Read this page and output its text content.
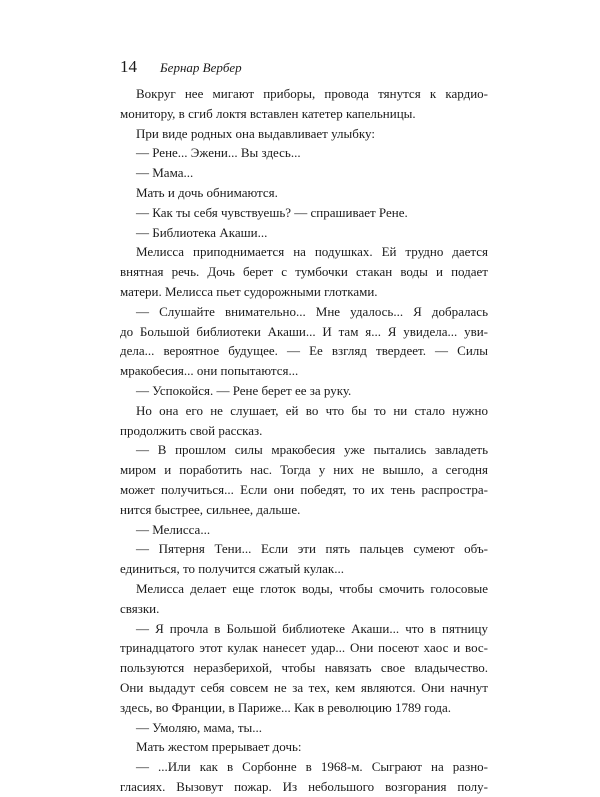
14 Бернар Вербер
Вокруг нее мигают приборы, провода тянутся к кардио-
монитору, в сгиб локтя вставлен катетер капельницы.
При виде родных она выдавливает улыбку:
— Рене... Эжени... Вы здесь...
— Мама...
Мать и дочь обнимаются.
— Как ты себя чувствуешь? — спрашивает Рене.
— Библиотека Акаши...
Мелисса приподнимается на подушках. Ей трудно дается
внятная речь. Дочь берет с тумбочки стакан воды и подает
матери. Мелисса пьет судорожными глотками.
— Слушайте внимательно... Мне удалось... Я добралась
до Большой библиотеки Акаши... И там я... Я увидела... уви-
дела... вероятное будущее. — Ее взгляд твердеет. — Силы
мракобесия... они попытаются...
— Успокойся. — Рене берет ее за руку.
Но она его не слушает, ей во что бы то ни стало нужно
продолжить свой рассказ.
— В прошлом силы мракобесия уже пытались завладеть
миром и поработить нас. Тогда у них не вышло, а сегодня
может получиться... Если они победят, то их тень распростра-
нится быстрее, сильнее, дальше.
— Мелисса...
— Пятерня Тени... Если эти пять пальцев сумеют объ-
единиться, то получится сжатый кулак...
Мелисса делает еще глоток воды, чтобы смочить голосовые
связки.
— Я прочла в Большой библиотеке Акаши... что в пятницу
тринадцатого этот кулак нанесет удар... Они посеют хаос и вос-
пользуются неразберихой, чтобы навязать свое владычество.
Они выдадут себя совсем не за тех, кем являются. Они начнут
здесь, во Франции, в Париже... Как в революцию 1789 года.
— Умоляю, мама, ты...
Мать жестом прерывает дочь:
— ...Или как в Сорбонне в 1968-м. Сыграют на разно-
гласиях. Вызовут пожар. Из небольшого возгорания полу-
